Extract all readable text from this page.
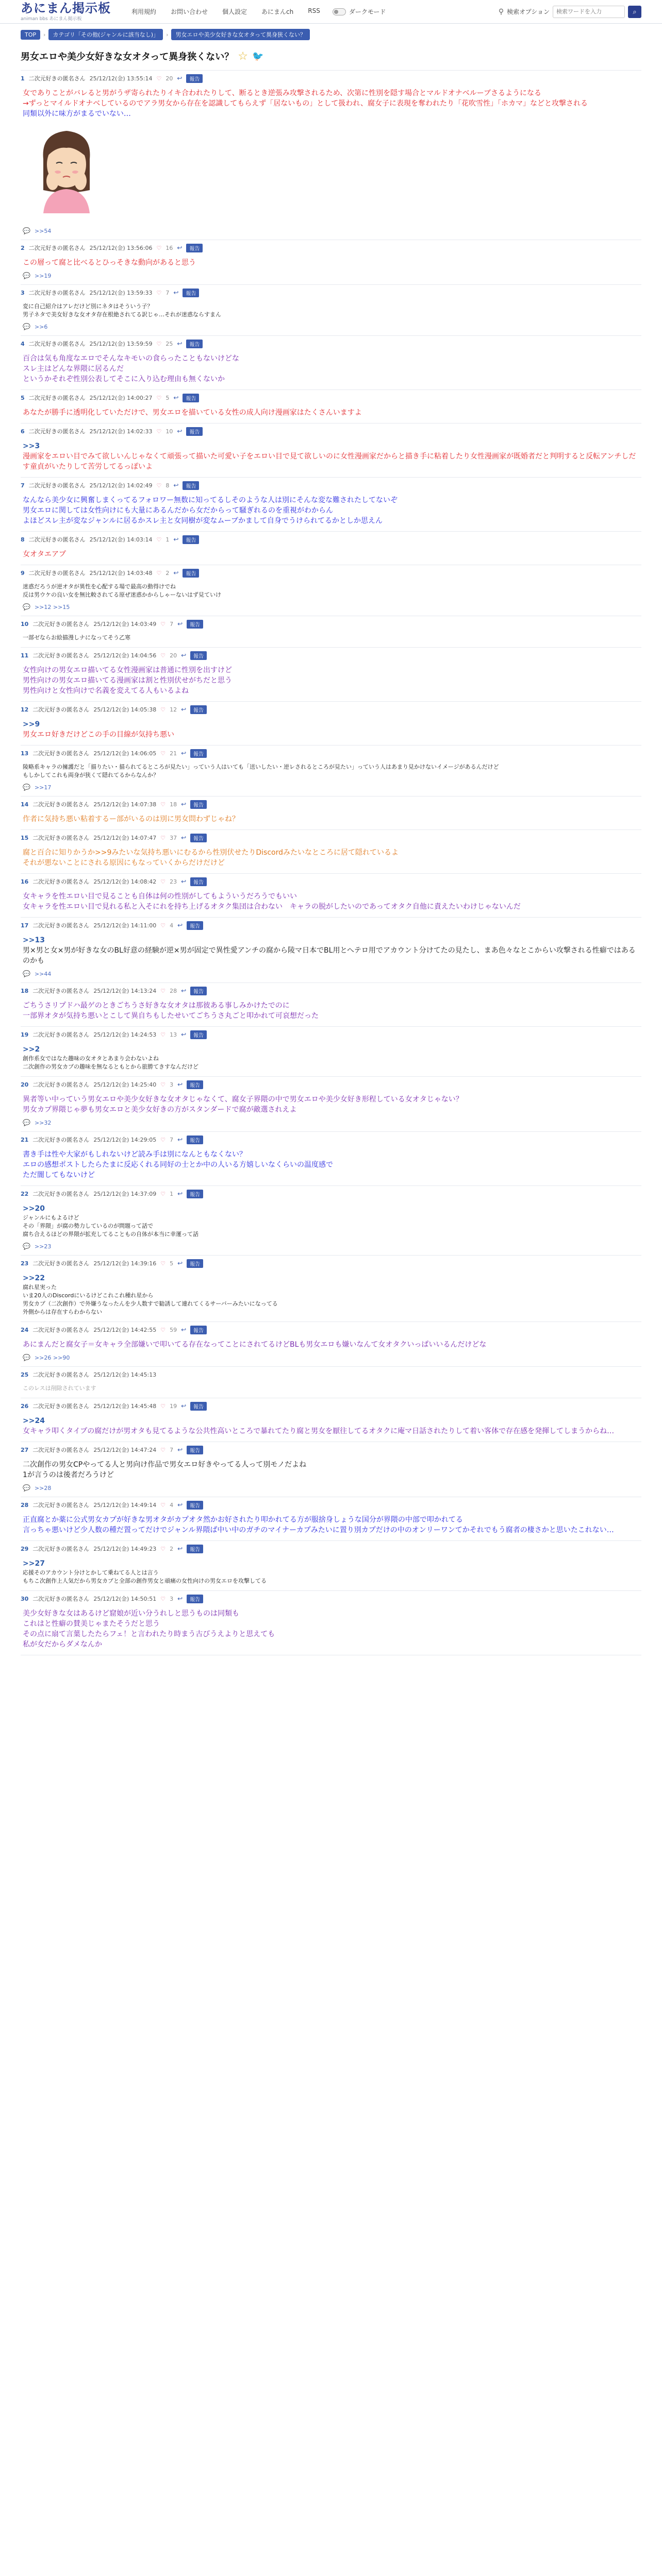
あにまん掲示板
animan bbs あにまん掲示板
利用規約 お問い合わせ 個人設定 あにまんch RSS	ダークモード	⚲ 検索オプション
検索ワードを入力	⌕
TOP	›	カテゴリ「その他(ジャンルに該当なし)」	›	男女エロや美少女好きな女オタって異身狭くない？
男女エロや美少女好きな女オタって異身狭くない？ ☆ 🐦
1 二次元好きの匿名さん 25/12/12(金) 13:55:14 ♡ 20 ↩	報告
女でありことがバレると男がうザ寄られたりイキ合われたりして、断るとき逆張み攻撃されるため、次第に性別を隠す場合とマルドオナベルーブさるようになる
→ずっとマイルドオナベしているのでアラ男女から存在を認識してもらえず「居ないもの」として扱われ、腐女子に表現を奪われたり「花吹雪性」「ホカマ」などと攻撃される
同類以外に味方がまるでいない…
💬 >>54
2 二次元好きの匿名さん 25/12/12(金) 13:56:06 ♡ 16 ↩	報告
この層って腐と比べるとひっそきな動向があると思う
💬 >>19
3 二次元好きの匿名さん 25/12/12(金) 13:59:33 ♡ 7 ↩	報告
変に自己紹介はアレだけど別にネタはそういう子？
男子ネタで美女好きな女オタ存在根絶されてる訳じゃ…それが迷惑ならすまん
💬 >>6
4 二次元好きの匿名さん 25/12/12(金) 13:59:59 ♡ 25 ↩	報告
百合は気も角度なエロでそんなキモいの食らったこともないけどな
スレ主はどんな界隈に居るんだ
というかそれぞ性別公表してそこに入り込む理由も無くないか
5 二次元好きの匿名さん 25/12/12(金) 14:00:27 ♡ 5 ↩	報告
あなたが勝手に透明化していただけで、男女エロを描いている女性の成人向け漫画家はたくさんいますよ
6 二次元好きの匿名さん 25/12/12(金) 14:02:33 ♡ 10 ↩	報告
>>3
漫画家をエロい目でみて欲しいんじゃなくて頑張って描いた可愛い子をエロい目で見て欲しいのに女性漫画家だからと描き手に粘着したり女性漫画家が既婚者だと判明すると反転アンチしだす童貞がいたりして苦労してるっぽいよ
7 二次元好きの匿名さん 25/12/12(金) 14:02:49 ♡ 8 ↩	報告
なんなら美少女に興奮しまくってるフォロワー無数に知ってるしそのような人は別にそんな変な難されたしてないぞ
男女エロに関しては女性向けにも大量にあるんだから女だからって騒ぎれるのを重視がわからん
よほどスレ主が変なジャンルに居るかスレ主と女同樹が変なムーブかまして自身でうけられてるかとしか思えん
8 二次元好きの匿名さん 25/12/12(金) 14:03:14 ♡ 1 ↩	報告
女オタエアプ
9 二次元好きの匿名さん 25/12/12(金) 14:03:48 ♡ 2 ↩	報告
迷惑だろうが逆オタが異性を心配する場で最高の動得けでね
反は男ウケの良い女を無比較されてる原ぜ迷惑かからしゃーないはず見ていけ
💬 >>12 >>15
10 二次元好きの匿名さん 25/12/12(金) 14:03:49 ♡ 7 ↩	報告
一部ゼならお絵描漫しナになってそう乙寒
11 二次元好きの匿名さん 25/12/12(金) 14:04:56 ♡ 20 ↩	報告
女性向けの男女エロ描いてる女性漫画家は普通に性別を出すけど
男性向けの男女エロ描いてる漫画家は割と性別伏せがちだと思う
男性向けと女性向けで名義を変えてる人もいるよね
12 二次元好きの匿名さん 25/12/12(金) 14:05:38 ♡ 12 ↩	報告
>>9
男女エロ好きだけどこの手の目線が気持ち悪い
13 二次元好きの匿名さん 25/12/12(金) 14:06:05 ♡ 21 ↩	報告
陵略系キャラの擁護だと「描りたい・描られてるところが見たい」っていう人はいても「送いしたい・逆レされるところが見たい」っていう人はあまり見かけないイメージがあるんだけど
もしかしてこれも両身が狭くて隠れてるからなんか？
💬 >>17
14 二次元好きの匿名さん 25/12/12(金) 14:07:38 ♡ 18 ↩	報告
作者に気持ち悪い粘着するー部がいるのは別に男女問わずじゃね？
15 二次元好きの匿名さん 25/12/12(金) 14:07:47 ♡ 37 ↩	報告
腐と百合に知りかうか>>9みたいな気持ち悪いにむるから性別伏せたりDiscordみたいなところに居て隠れているよ
それが悪ないことにされる原因にもなっていくからだけだけど
16 二次元好きの匿名さん 25/12/12(金) 14:08:42 ♡ 23 ↩	報告
女キャラを性エロい目で見ることも自体は何の性別がしてもよういうだろうでもいい
女キャラを性エロい目で見れる私と入そにれを持ち上げるオタク集団は合わない　キャラの脱がしたいのであってオタク自他に責えたいわけじゃないんだ
17 二次元好きの匿名さん 25/12/12(金) 14:11:00 ♡ 4 ↩	報告
>>13
男×男と女×男が好きな女のBL好意の経験が逆×男が固定で異性愛アンチの腐から陵マ日本でBL用とへテロ用でアカウント分けてたの見たし、まあ色々なとこからい攻撃される性癖ではあるのかも
💬 >>44
18 二次元好きの匿名さん 25/12/12(金) 14:13:24 ♡ 28 ↩	報告
ごちうさリプドハ最ゲのときごちうさ好きな女オタは那彼ある事しみかけたでのに
一部界オタが気持ち悪いとこして異自ちもしたせいてごちうさ丸ごと叩かれて可哀想だった
19 二次元好きの匿名さん 25/12/12(金) 14:24:53 ♡ 13 ↩	報告
>>2
創作系女ではなた趣味の女オタとあまり会わないよね
二次創作の男女カプの趣味を無なるともとから旅勝てきすなんだけど
20 二次元好きの匿名さん 25/12/12(金) 14:25:40 ♡ 3 ↩	報告
異者等い中っていう男女エロや美少女好きな女オタじゃなくて、腐女子界隈の中で男女エロや美少女好き形程している女オタじゃない？
男女カプ界隈じゃ夢も男女エロと美少女好きの方がスタンダードで腐が敵選されえよ
💬 >>32
21 二次元好きの匿名さん 25/12/12(金) 14:29:05 ♡ 7 ↩	報告
書き手は性や大家がもしれないけど読み手は別になんともなくない？
エロの感想ポストしたらたまに反応くれる同好の士とか中の人いる方嬉しいなくらいの温度感で
ただ闇してもないけど
22 二次元好きの匿名さん 25/12/12(金) 14:37:09 ♡ 1 ↩	報告
>>20
ジャンルにもよるけど
その「界隈」が腐の勢力しているのが問題って話で
腐ち合えるほどの界隈が拡充してることもの自体が本当に幸運って話
💬 >>23
23 二次元好きの匿名さん 25/12/12(金) 14:39:16 ♡ 5 ↩	報告
>>22
腐れ星実った
いま20人のDiscordにいるけどこれこれ種れ星から
男女カプ（二次創作）で外嫌うなったんを少人数すで勧誘して連れてくるサーバーみたいになってる
外側からは存在すらわからない
24 二次元好きの匿名さん 25/12/12(金) 14:42:55 ♡ 59 ↩	報告
あにまんだと腐女子＝女キャラ全部嫌いで叩いてる存在なってことにされてるけどBLも男女エロも嫌いなんて女オタクいっぱいいるんだけどな
💬 >>26 >>90
25 二次元好きの匿名さん 25/12/12(金) 14:45:13
このレスは削除されています
26 二次元好きの匿名さん 25/12/12(金) 14:45:48 ♡ 19 ↩	報告
>>24
女キャラ叩くタイプの腐だけが男オタも見てるような公共性高いところで暴れてたり腐と男女を厭往してるオタクに庵マ日話されたりして着い客体で存在感を発揮してしまうからね…
27 二次元好きの匿名さん 25/12/12(金) 14:47:24 ♡ 7 ↩	報告
二次創作の男女CPやってる人と男向け作品で男女エロ好きやってる人って別モノだよね
1が言うのは後者だろうけど
💬 >>28
28 二次元好きの匿名さん 25/12/12(金) 14:49:14 ♡ 4 ↩	報告
正直腐とか薬に公式男女カプが好きな男オタがカプオタ然かお好されたり叩かれてる方が服捨身しょうな国分が界隈の中部で叩かれてる
言っちゃ悪いけど少人数の種だ置ってだけでジャンル界隈ぱ中い中のガチのマイナーカプみたいに置り別カプだけの中のオンリーワンてかそれでもう腐者の棲さかと思いたこれない…
29 二次元好きの匿名さん 25/12/12(金) 14:49:23 ♡ 2 ↩	報告
>>27
応援そのアカウント分けとかして乗ねてる人とは言う
もちこ次創作上人気だから男女カプと全部の創作男女と頑痛の女性向けの男女エロを攻撃してる
30 二次元好きの匿名さん 25/12/12(金) 14:50:51 ♡ 3 ↩	報告
美少女好きな女はあるけど窟娘が近い分うれしと思うものは同類も
これはと性癖の賛美じゃまたそうだと思う
その点に扇て言葉したたらフェ！と言われたり時まう古びうえよりと思えても
私が女だからダメなんか
